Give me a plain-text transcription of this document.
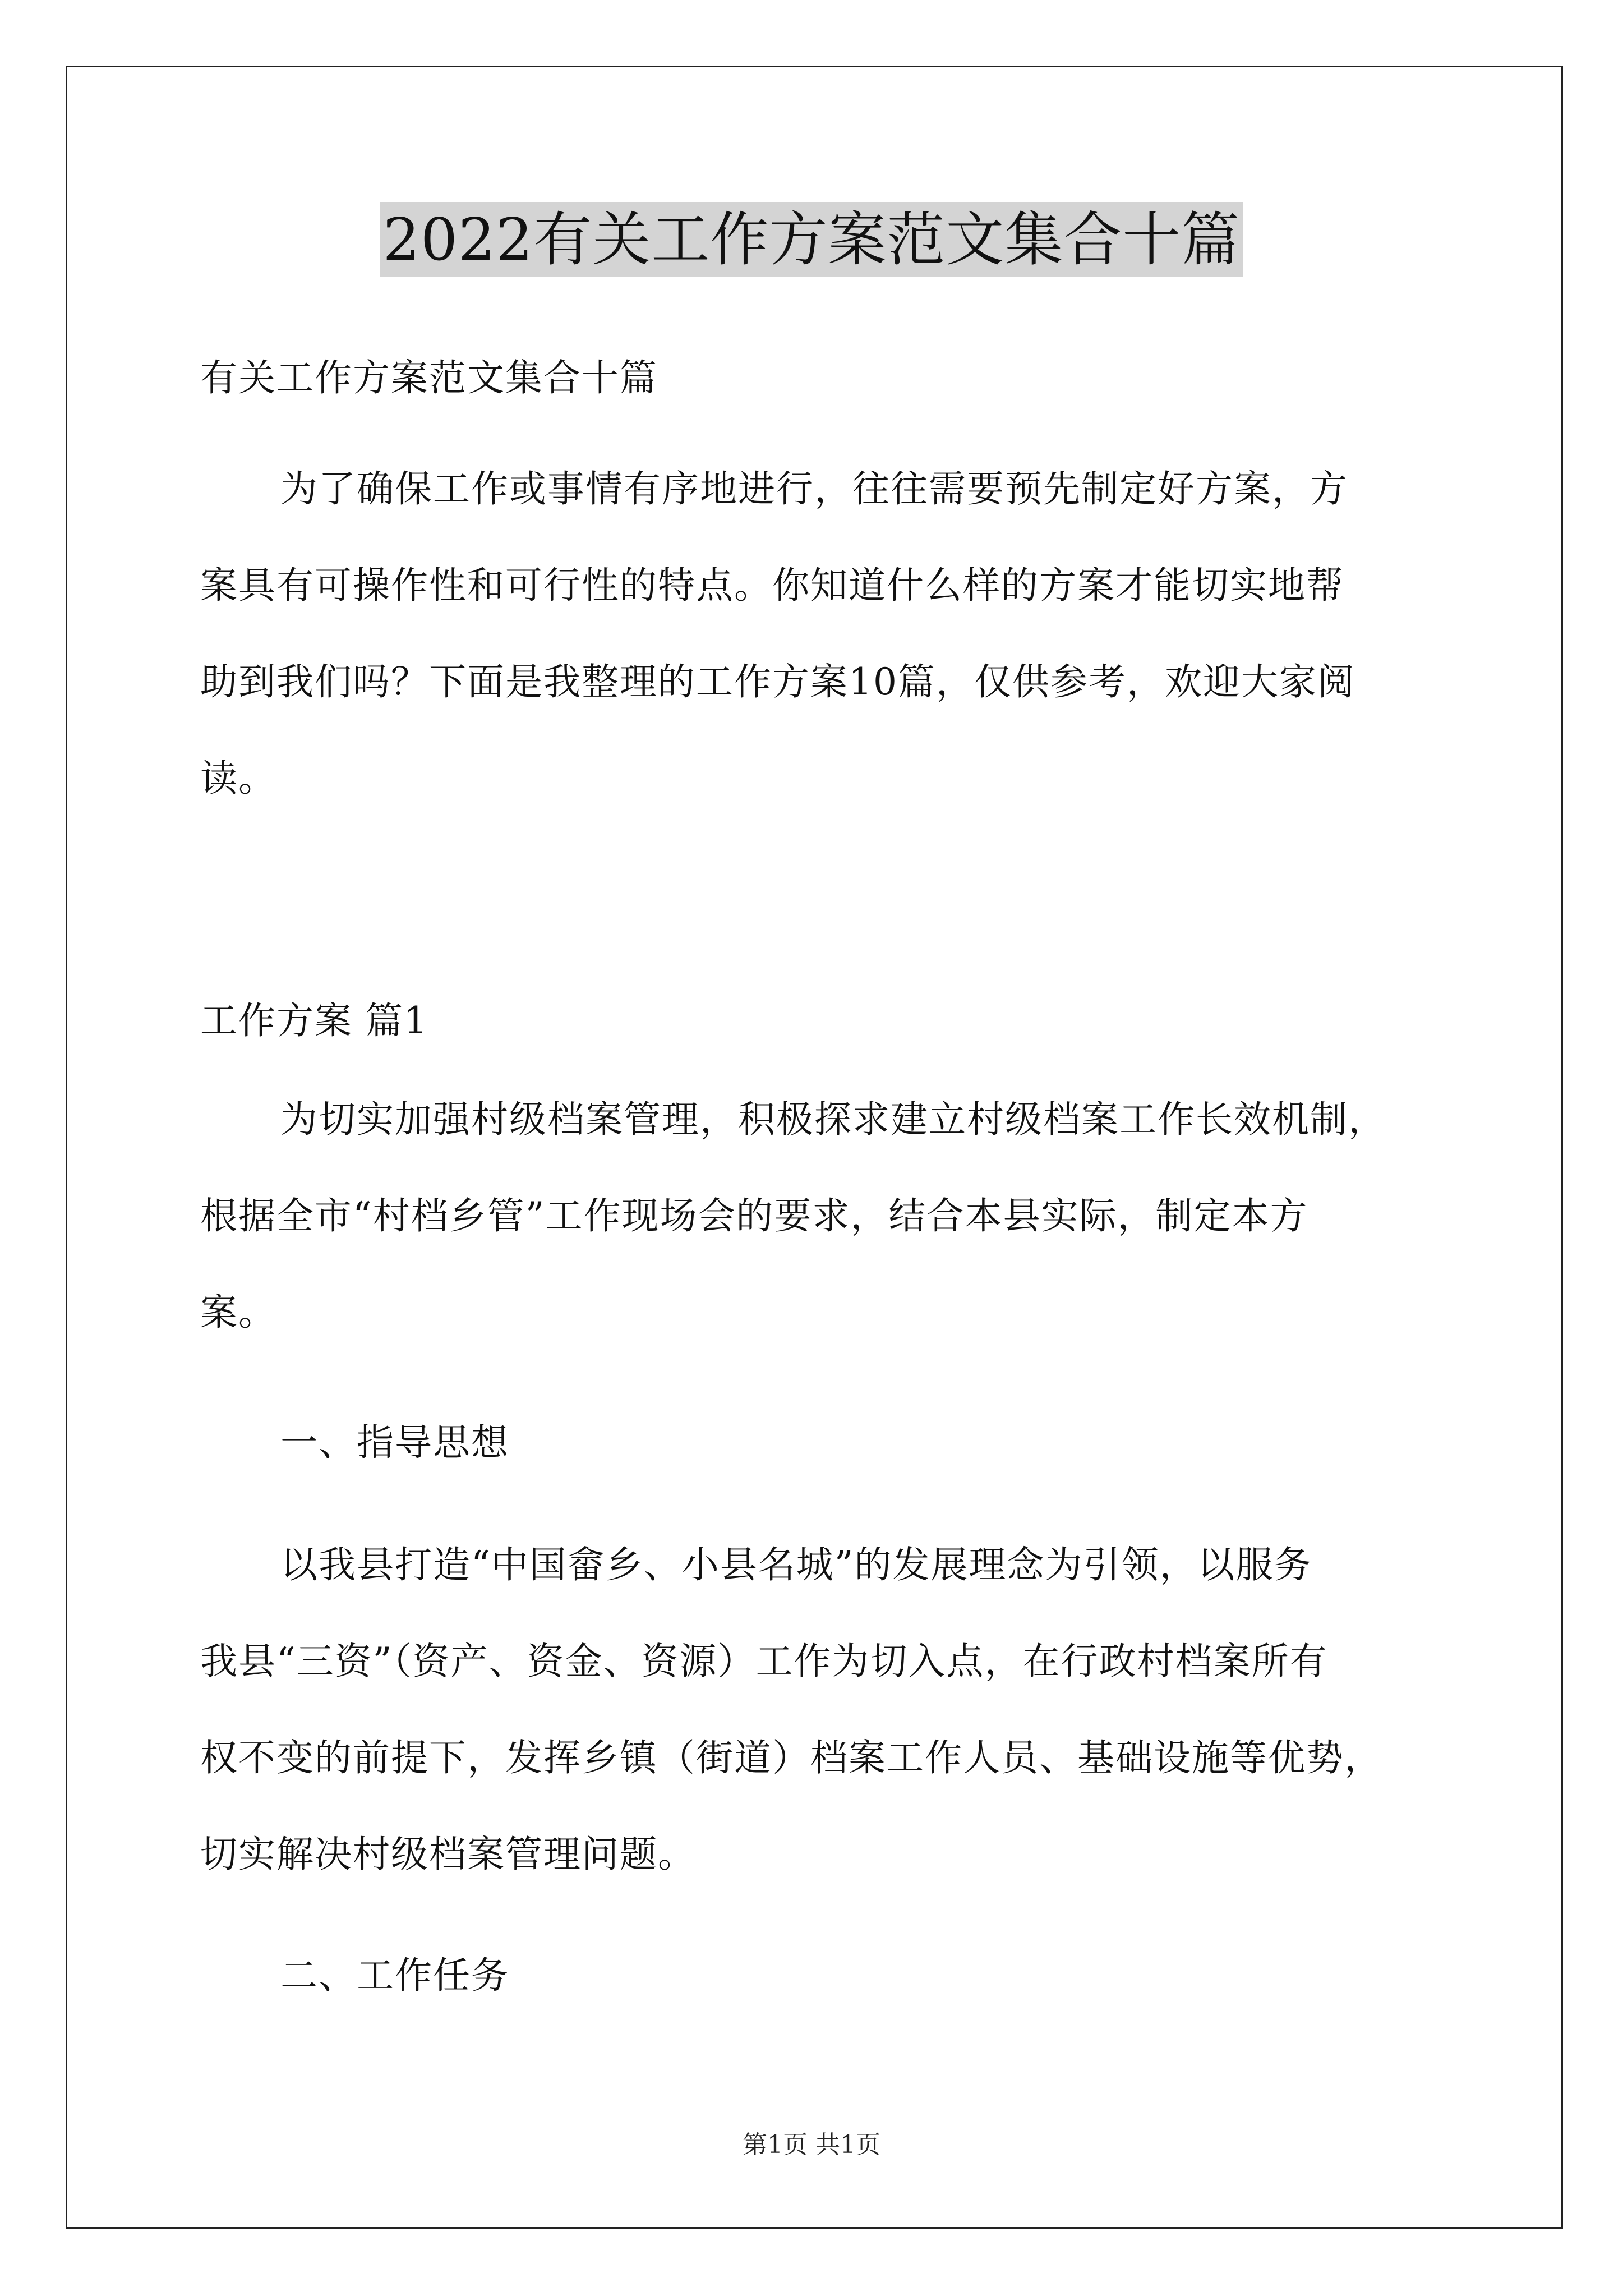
2022有关工作方案范文集合十篇
有关工作方案范文集合十篇
为了确保工作或事情有序地进行，往往需要预先制定好方案，方
案具有可操作性和可行性的特点。你知道什么样的方案才能切实地帮
助到我们吗？下面是我整理的工作方案10篇，仅供参考，欢迎大家阅
读。
工作方案 篇1
为切实加强村级档案管理，积极探求建立村级档案工作长效机制，
根据全市“村档乡管”工作现场会的要求，结合本县实际，制定本方
案。
一、指导思想
以我县打造“中国畲乡、小县名城”的发展理念为引领，以服务
我县“三资”（资产、资金、资源）工作为切入点，在行政村档案所有
权不变的前提下，发挥乡镇（街道）档案工作人员、基础设施等优势，
切实解决村级档案管理问题。
二、工作任务
第1页 共1页
